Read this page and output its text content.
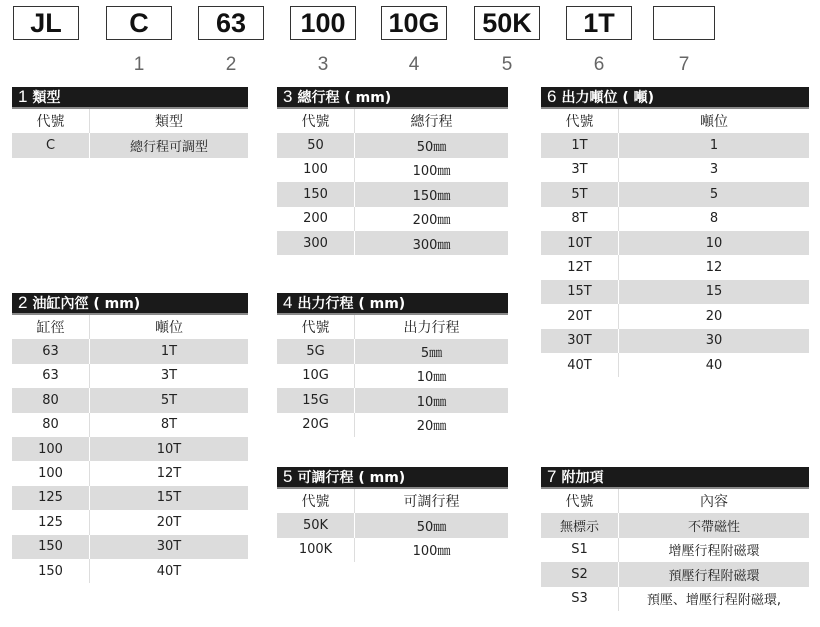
JL	C	63	100	10G	50K	1T
1	2	3	4	5	6	7
1 類型
代號	類型
C	總行程可調型
3 總行程 ( mm)
代號	總行程
50	50㎜
100	100㎜
150	150㎜
200	200㎜
300	300㎜
6 出力噸位 ( 噸)
代號	噸位
1T	1
3T	3
5T	5
8T	8
10T	10
12T	12
15T	15
20T	20
30T	30
40T	40
2 油缸內徑 ( mm)
缸徑	噸位
63	1T
63	3T
80	5T
80	8T
100	10T
100	12T
125	15T
125	20T
150	30T
150	40T
4 出力行程 ( mm)
代號	出力行程
5G	5㎜
10G	10㎜
15G	10㎜
20G	20㎜
5 可調行程 ( mm)
代號	可調行程
50K	50㎜
100K	100㎜
7 附加項
代號	內容
無標示	不帶磁性
S1	增壓行程附磁環
S2	預壓行程附磁環
S3	預壓、增壓行程附磁環,
